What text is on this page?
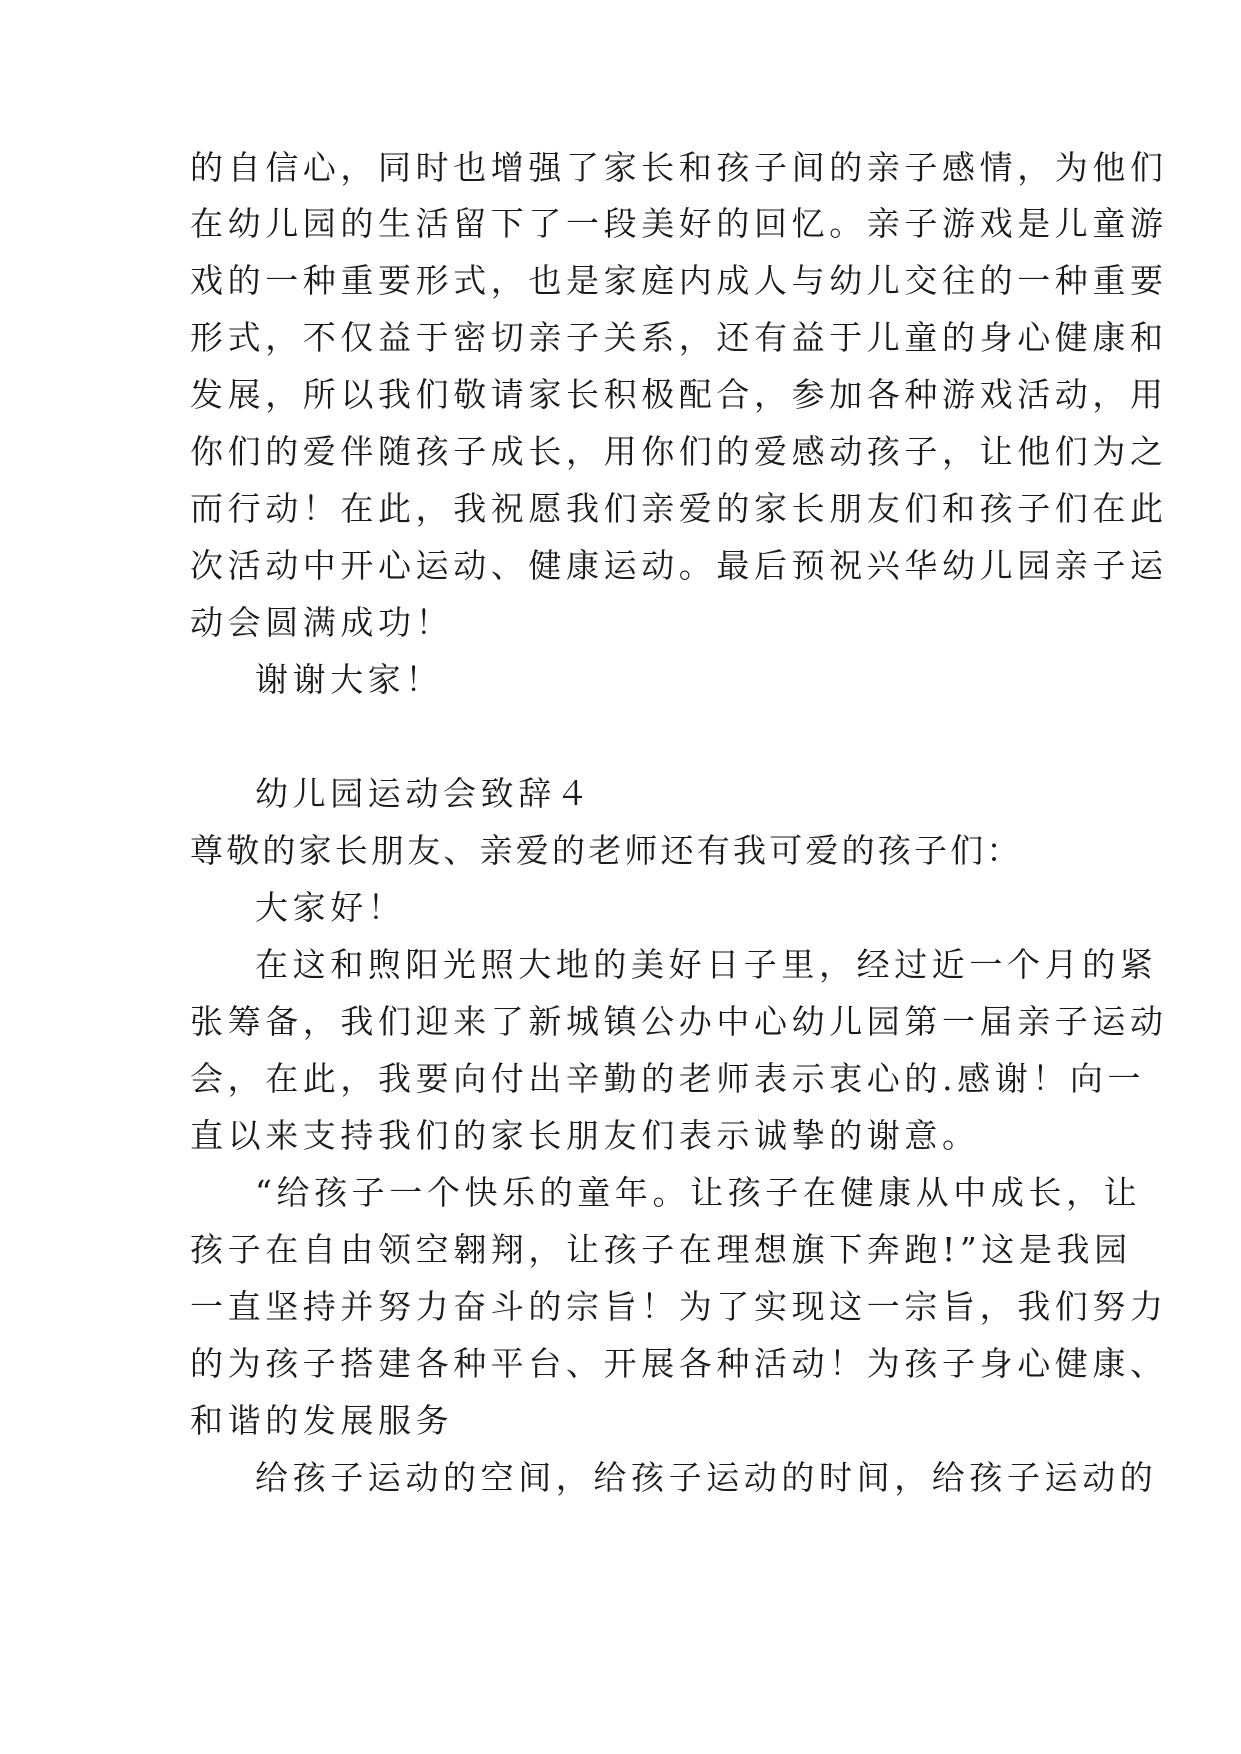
的自信心，同时也增强了家长和孩子间的亲子感情，为他们
在幼儿园的生活留下了一段美好的回忆。亲子游戏是儿童游
戏的一种重要形式，也是家庭内成人与幼儿交往的一种重要
形式，不仅益于密切亲子关系，还有益于儿童的身心健康和
发展，所以我们敬请家长积极配合，参加各种游戏活动，用
你们的爱伴随孩子成长，用你们的爱感动孩子，让他们为之
而行动！在此，我祝愿我们亲爱的家长朋友们和孩子们在此
次活动中开心运动、健康运动。最后预祝兴华幼儿园亲子运
动会圆满成功！
谢谢大家！
幼儿园运动会致辞４
尊敬的家长朋友、亲爱的老师还有我可爱的孩子们：
大家好！
在这和煦阳光照大地的美好日子里，经过近一个月的紧
张筹备，我们迎来了新城镇公办中心幼儿园第一届亲子运动
会，在此，我要向付出辛勤的老师表示衷心的.感谢！向一
直以来支持我们的家长朋友们表示诚挚的谢意。
“给孩子一个快乐的童年。让孩子在健康从中成长，让
孩子在自由领空翱翔，让孩子在理想旗下奔跑!”这是我园
一直坚持并努力奋斗的宗旨！为了实现这一宗旨，我们努力
的为孩子搭建各种平台、开展各种活动！为孩子身心健康、
和谐的发展服务
给孩子运动的空间，给孩子运动的时间，给孩子运动的
